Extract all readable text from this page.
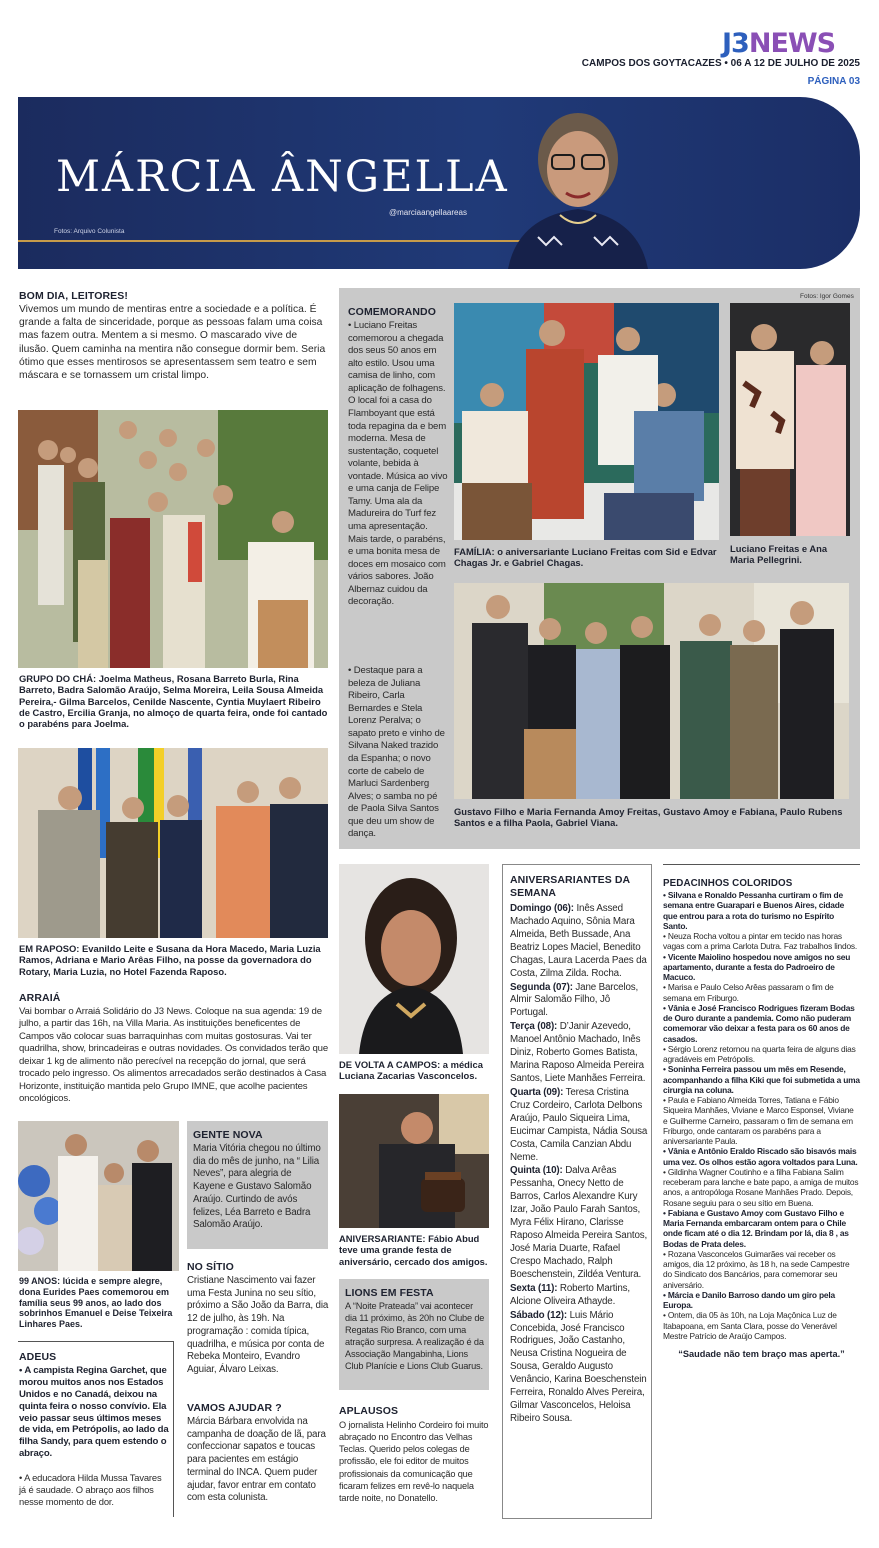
J3NEWS
CAMPOS DOS GOYTACAZES • 06 A 12 DE JULHO DE 2025
PÁGINA 03
MÁRCIA ÂNGELLA
@marciaangellaareas
Fotos: Arquivo Colunista
BOM DIA, LEITORES!
Vivemos um mundo de mentiras entre a sociedade e a política. É grande a falta de sinceridade, porque as pessoas falam uma coisa mas fazem outra. Mentem a si mesmo. O mascarado vive de ilusão. Quem caminha na mentira não consegue dormir bem. Seria ótimo que esses mentirosos se apresentassem sem teatro e sem máscara e se tornassem um cristal limpo.
GRUPO DO CHÁ: Joelma Matheus, Rosana Barreto Burla, Rina Barreto, Badra Salomão Araújo, Selma Moreira, Leila Sousa Almeida Pereira,- Gilma Barcelos, Cenilde Nascente, Cyntia Muylaert Ribeiro de Castro, Ercilia Granja, no almoço de quarta feira, onde foi cantado o parabéns para Joelma.
EM RAPOSO: Evanildo Leite e Susana da Hora Macedo, Maria Luzia Ramos, Adriana e Mario Arêas Filho, na posse da governadora do Rotary, Maria Luzia, no Hotel Fazenda Raposo.
ARRAIÁ
Vai bombar o Arraiá Solidário do J3 News. Coloque na sua agenda: 19 de julho, a partir das 16h, na Villa Maria. As instituições beneficentes de Campos vão colocar suas barraquinhas com muitas gostosuras. Vai ter quadrilha, show, brincadeiras e outras novidades. Os convidados terão que deixar 1 kg de alimento não perecível na recepção do jornal, que será trocado pelo ingresso. Os alimentos arrecadados serão destinados à Casa Horizonte, instituição mantida pelo Grupo IMNE, que acolhe pacientes oncológicos.
99 ANOS: lúcida e sempre alegre, dona Eurides Paes comemorou em família seus 99 anos, ao lado dos sobrinhos Emanuel e Deise Teixeira Linhares Paes.
GENTE NOVA
Maria Vitória chegou no último dia do mês de junho, na “ Lilia Neves”, para alegria de Kayene e Gustavo Salomão Araújo. Curtindo de avós felizes, Léa Barreto e Badra Salomão Araújo.
NO SÍTIO
Cristiane Nascimento vai fazer uma Festa Junina no seu sítio, próximo a São João da Barra, dia 12 de julho, às 19h. Na programação : comida típica, quadrilha, e música por conta de Rebeka Monteiro, Evandro Aguiar, Álvaro Leixas.
ADEUS
• A campista Regina Garchet, que morou muitos anos nos Estados Unidos e no Canadá, deixou na quinta feira o nosso convívio. Ela veio passar seus últimos meses de vida, em Petrópolis, ao lado da filha Sandy, para quem estendo o abraço.
• A educadora Hilda Mussa Tavares já é saudade. O abraço aos filhos nesse momento de dor.
VAMOS AJUDAR ?
Márcia Bárbara envolvida na campanha de doação de lã, para confeccionar sapatos e toucas para pacientes em estágio terminal do INCA. Quem puder ajudar, favor entrar em contato com esta colunista.
COMEMORANDO
• Luciano Freitas comemorou a chegada dos seus 50 anos em alto estilo. Usou uma camisa de linho, com aplicação de folhagens. O local foi a casa do Flamboyant que está toda repagina da e bem moderna. Mesa de sustentação, coquetel volante, bebida à vontade. Música ao vivo e uma canja de Felipe Tamy. Uma ala da Madureira do Turf fez uma apresentação. Mais tarde, o parabéns, e uma bonita mesa de doces em mosaico com vários sabores. João Albernaz cuidou da decoração.
• Destaque para a beleza de Juliana Ribeiro, Carla Bernardes e Stela Lorenz Peralva; o sapato preto e vinho de Silvana Naked trazido da Espanha; o novo corte de cabelo de Marluci Sardenberg Alves; o samba no pé de Paola Silva Santos que deu um show de dança.
Fotos: Igor Gomes
FAMÍLIA: o aniversariante Luciano Freitas com Sid e Edvar Chagas Jr. e Gabriel Chagas.
Luciano Freitas e Ana Maria Pellegrini.
Gustavo Filho e Maria Fernanda Amoy Freitas, Gustavo Amoy e Fabiana, Paulo Rubens Santos e a filha Paola, Gabriel Viana.
DE VOLTA A CAMPOS: a médica Luciana Zacarias Vasconcelos.
ANIVERSARIANTE: Fábio Abud teve uma grande festa de aniversário, cercado dos amigos.
LIONS EM FESTA
A “Noite Prateada” vai acontecer dia 11 próximo, às 20h no Clube de Regatas Rio Branco, com uma atração surpresa. A realização é da Associação Mangabinha, Lions Club Planície e Lions Club Guarus.
APLAUSOS
O jornalista Helinho Cordeiro foi muito abraçado no Encontro das Velhas Teclas. Querido pelos colegas de profissão, ele foi editor de muitos profissionais da comunicação que ficaram felizes em revê-lo naquela tarde noite, no Donatello.
ANIVERSARIANTES DA SEMANA
Domingo (06): Inês Assed Machado Aquino, Sônia Mara Almeida, Beth Bussade, Ana Beatriz Lopes Maciel, Benedito Chagas, Laura Lacerda Paes da Costa, Zilma Zilda. Rocha.
Segunda (07): Jane Barcelos, Almir Salomão Filho, Jô Portugal.
Terça (08): D’Janir Azevedo, Manoel Antônio Machado, Inês Diniz, Roberto Gomes Batista, Marina Raposo Almeida Pereira Santos, Liete Manhães Ferreira.
Quarta (09): Teresa Cristina Cruz Cordeiro, Carlota Delbons Araújo, Paulo Siqueira Lima, Eucimar Campista, Nádia Sousa Costa, Camila Canzian Abdu Neme.
Quinta (10): Dalva Arêas Pessanha, Onecy Netto de Barros, Carlos Alexandre Kury Izar, João Paulo Farah Santos, Myra Félix Hirano, Clarisse Raposo Almeida Pereira Santos, José Maria Duarte, Rafael Crespo Machado, Ralph Boeschenstein, Zildéa Ventura.
Sexta (11): Roberto Martins, Alcione Oliveira Athayde.
Sábado (12): Luis Mário Concebida, José Francisco Rodrigues, João Castanho, Neusa Cristina Nogueira de Sousa, Geraldo Augusto Venâncio, Karina Boeschenstein Ferreira, Ronaldo Alves Pereira, Gilmar Vasconcelos, Heloisa Ribeiro Sousa.
PEDACINHOS COLORIDOS
• Silvana e Ronaldo Pessanha curtiram o fim de semana entre Guarapari e Buenos Aires, cidade que entrou para a rota do turismo no Espírito Santo.
• Neuza Rocha voltou a pintar em tecido nas horas vagas com a prima Carlota Dutra. Faz trabalhos lindos.
• Vicente Maiolino hospedou nove amigos no seu apartamento, durante a festa do Padroeiro de Macuco.
• Marisa e Paulo Celso Arêas passaram o fim de semana em Friburgo.
• Vânia e José Francisco Rodrigues fizeram Bodas de Ouro durante a pandemia. Como não puderam comemorar vão deixar a festa para os 60 anos de casados.
• Sérgio Lorenz retornou na quarta feira de alguns dias agradáveis em Petrópolis.
• Soninha Ferreira passou um mês em Resende, acompanhando a filha Kiki que foi submetida a uma cirurgia na coluna.
• Paula e Fabiano Almeida Torres, Tatiana e Fábio Siqueira Manhães, Viviane e Marco Esponsel, Viviane e Guilherme Carneiro, passaram o fim de semana em Friburgo, onde cantaram os parabéns para a aniversariante Paula.
• Vânia e Antônio Eraldo Riscado são bisavós mais uma vez. Os olhos estão agora voltados para Luna.
• Gildinha Wagner Coutinho e a filha Fabiana Salim receberam para lanche e bate papo, a amiga de muitos anos, a antropóloga Rosane Manhães Prado. Depois, Rosane seguiu para o seu sítio em Buena.
• Fabiana e Gustavo Amoy com Gustavo Filho e Maria Fernanda embarcaram ontem para o Chile onde ficam até o dia 12. Brindam por lá, dia 8 , as Bodas de Prata deles.
• Rozana Vasconcelos Guimarães vai receber os amigos, dia 12 próximo, às 18 h, na sede Campestre do Sindicato dos Bancários, para comemorar seu aniversário.
• Márcia e Danilo Barroso dando um giro pela Europa.
• Ontem, dia 05 às 10h, na Loja Maçônica Luz de Itabapoana, em Santa Clara, posse do Venerável Mestre Patrício de Araújo Campos.
“Saudade não tem braço mas aperta.”
